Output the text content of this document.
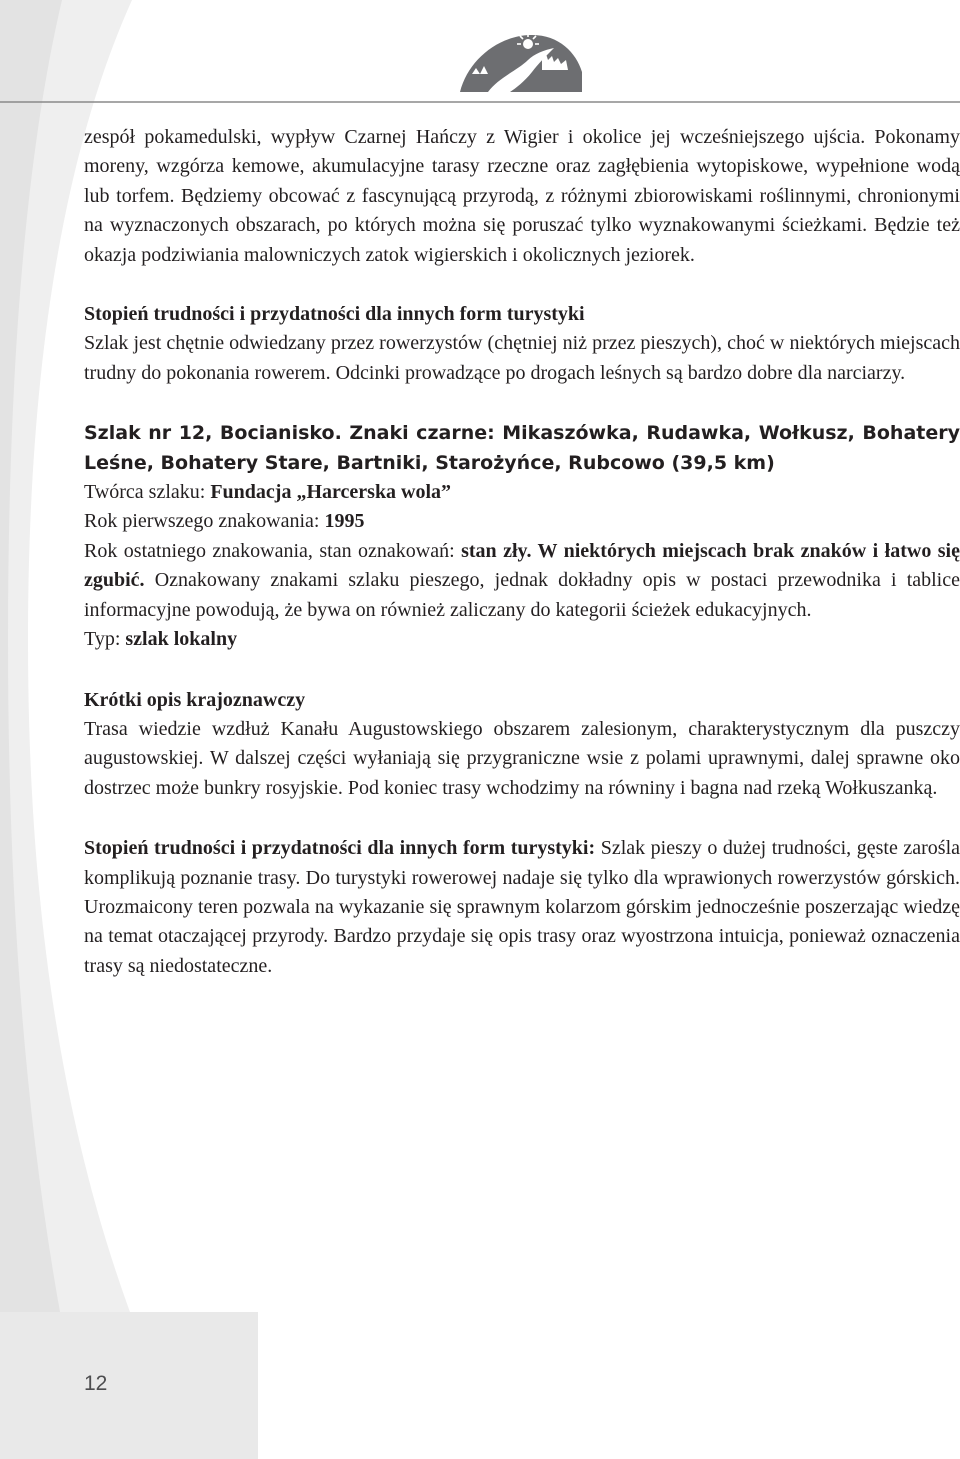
zespół pokamedulski, wypływ Czarnej Hańczy z Wigier i okolice jej wcześniejszego ujścia. Pokonamy moreny, wzgórza kemowe, akumulacyjne tarasy rzeczne oraz zagłębienia wytopiskowe, wypełnione wodą lub torfem. Będziemy obcować z fascynującą przyrodą, z różnymi zbiorowiskami roślinnymi, chronionymi na wyznaczonych obszarach, po których można się poruszać tylko wyznakowanymi ścieżkami. Będzie też okazja podziwiania malowniczych zatok wigierskich i okolicznych jeziorek.

Stopień trudności i przydatności dla innych form turystyki
Szlak jest chętnie odwiedzany przez rowerzystów (chętniej niż przez pieszych), choć w niektórych miejscach trudny do pokonania rowerem. Odcinki prowadzące po drogach leśnych są bardzo dobre dla narciarzy.

Szlak nr 12, Bocianisko. Znaki czarne: Mikaszówka, Rudawka, Wołkusz, Bohatery Leśne, Bohatery Stare, Bartniki, Starożyńce, Rubcowo (39,5 km)
Twórca szlaku: Fundacja „Harcerska wola”
Rok pierwszego znakowania: 1995
Rok ostatniego znakowania, stan oznakowań: stan zły. W niektórych miejscach brak znaków i łatwo się zgubić. Oznakowany znakami szlaku pieszego, jednak dokładny opis w postaci przewodnika i tablice informacyjne powodują, że bywa on również zaliczany do kategorii ścieżek edukacyjnych.
Typ: szlak lokalny

Krótki opis krajoznawczy
Trasa wiedzie wzdłuż Kanału Augustowskiego obszarem zalesionym, charakterystycznym dla puszczy augustowskiej. W dalszej części wyłaniają się przygraniczne wsie z polami uprawnymi, dalej sprawne oko dostrzec może bunkry rosyjskie. Pod koniec trasy wchodzimy na równiny i bagna nad rzeką Wołkuszanką.

Stopień trudności i przydatności dla innych form turystyki: Szlak pieszy o dużej trudności, gęste zarośla komplikują poznanie trasy. Do turystyki rowerowej nadaje się tylko dla wprawionych rowerzystów górskich. Urozmaicony teren pozwala na wykazanie się sprawnym kolarzom górskim jednocześnie poszerzając wiedzę na temat otaczającej przyrody. Bardzo przydaje się opis trasy oraz wyostrzona intuicja, ponieważ oznaczenia trasy są niedostateczne.

12
